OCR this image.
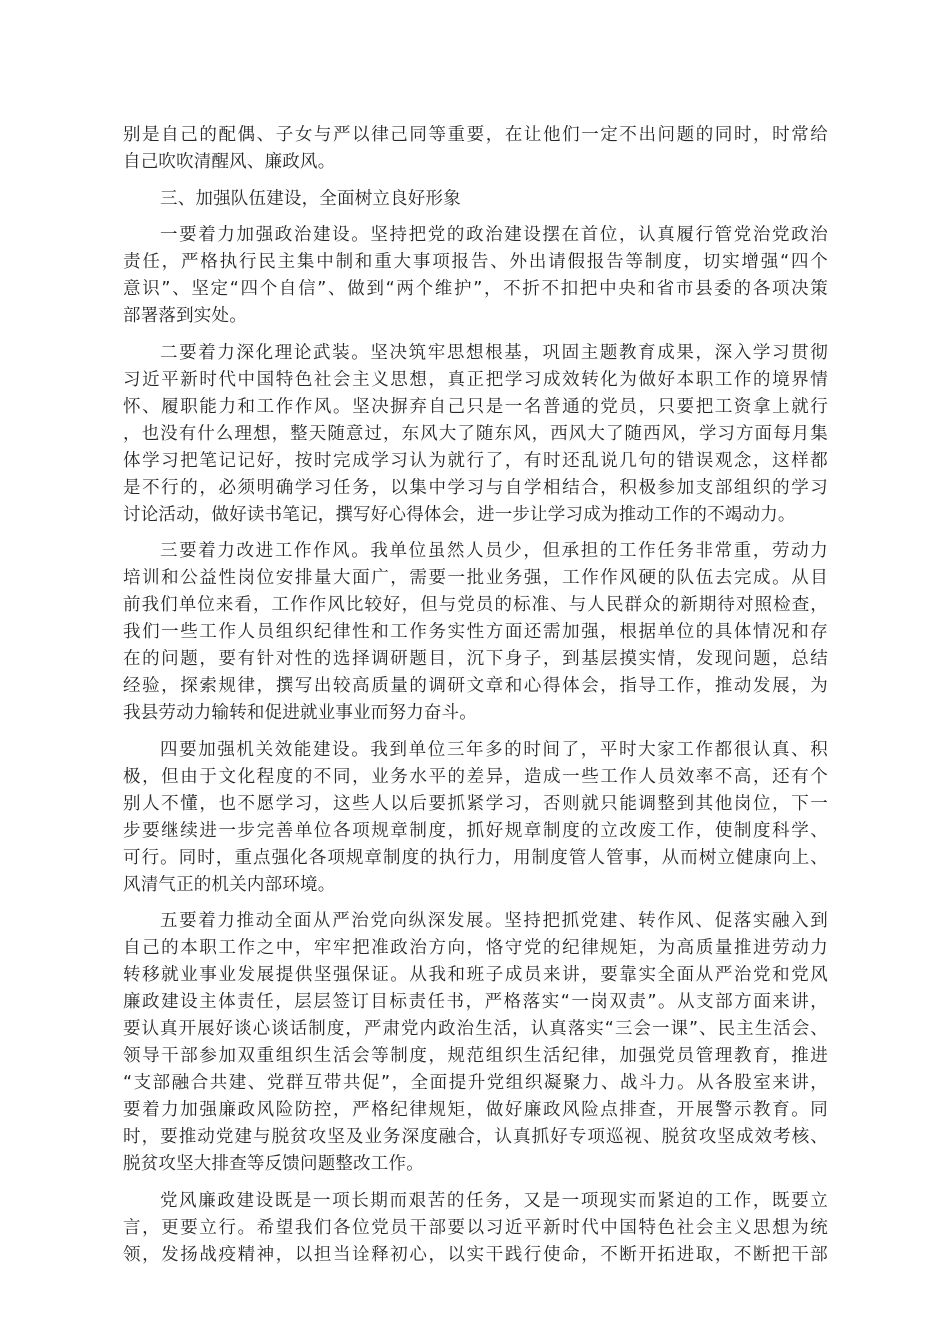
别是自己的配偶、子女与严以律己同等重要，在让他们一定不出问题的同时，时常给
自己吹吹清醒风、廉政风。
三、加强队伍建设，全面树立良好形象
一要着力加强政治建设。坚持把党的政治建设摆在首位，认真履行管党治党政治
责任，严格执行民主集中制和重大事项报告、外出请假报告等制度，切实增强“四个
意识”、坚定“四个自信”、做到“两个维护”，不折不扣把中央和省市县委的各项决策
部署落到实处。
二要着力深化理论武装。坚决筑牢思想根基，巩固主题教育成果，深入学习贯彻
习近平新时代中国特色社会主义思想，真正把学习成效转化为做好本职工作的境界情
怀、履职能力和工作作风。坚决摒弃自己只是一名普通的党员，只要把工资拿上就行
，也没有什么理想，整天随意过，东风大了随东风，西风大了随西风，学习方面每月集
体学习把笔记记好，按时完成学习认为就行了，有时还乱说几句的错误观念，这样都
是不行的，必须明确学习任务，以集中学习与自学相结合，积极参加支部组织的学习
讨论活动，做好读书笔记，撰写好心得体会，进一步让学习成为推动工作的不竭动力。
三要着力改进工作作风。我单位虽然人员少，但承担的工作任务非常重，劳动力
培训和公益性岗位安排量大面广，需要一批业务强，工作作风硬的队伍去完成。从目
前我们单位来看，工作作风比较好，但与党员的标准、与人民群众的新期待对照检查，
我们一些工作人员组织纪律性和工作务实性方面还需加强，根据单位的具体情况和存
在的问题，要有针对性的选择调研题目，沉下身子，到基层摸实情，发现问题，总结
经验，探索规律，撰写出较高质量的调研文章和心得体会，指导工作，推动发展，为
我县劳动力输转和促进就业事业而努力奋斗。
四要加强机关效能建设。我到单位三年多的时间了，平时大家工作都很认真、积
极，但由于文化程度的不同，业务水平的差异，造成一些工作人员效率不高，还有个
别人不懂，也不愿学习，这些人以后要抓紧学习，否则就只能调整到其他岗位，下一
步要继续进一步完善单位各项规章制度，抓好规章制度的立改废工作，使制度科学、
可行。同时，重点强化各项规章制度的执行力，用制度管人管事，从而树立健康向上、
风清气正的机关内部环境。
五要着力推动全面从严治党向纵深发展。坚持把抓党建、转作风、促落实融入到
自己的本职工作之中，牢牢把准政治方向，恪守党的纪律规矩，为高质量推进劳动力
转移就业事业发展提供坚强保证。从我和班子成员来讲，要靠实全面从严治党和党风
廉政建设主体责任，层层签订目标责任书，严格落实“一岗双责”。从支部方面来讲，
要认真开展好谈心谈话制度，严肃党内政治生活，认真落实“三会一课”、民主生活会、
领导干部参加双重组织生活会等制度，规范组织生活纪律，加强党员管理教育，推进
“支部融合共建、党群互带共促”，全面提升党组织凝聚力、战斗力。从各股室来讲，
要着力加强廉政风险防控，严格纪律规矩，做好廉政风险点排查，开展警示教育。同
时，要推动党建与脱贫攻坚及业务深度融合，认真抓好专项巡视、脱贫攻坚成效考核、
脱贫攻坚大排查等反馈问题整改工作。
党风廉政建设既是一项长期而艰苦的任务，又是一项现实而紧迫的工作，既要立
言，更要立行。希望我们各位党员干部要以习近平新时代中国特色社会主义思想为统
领，发扬战疫精神，以担当诠释初心，以实干践行使命，不断开拓进取，不断把干部
